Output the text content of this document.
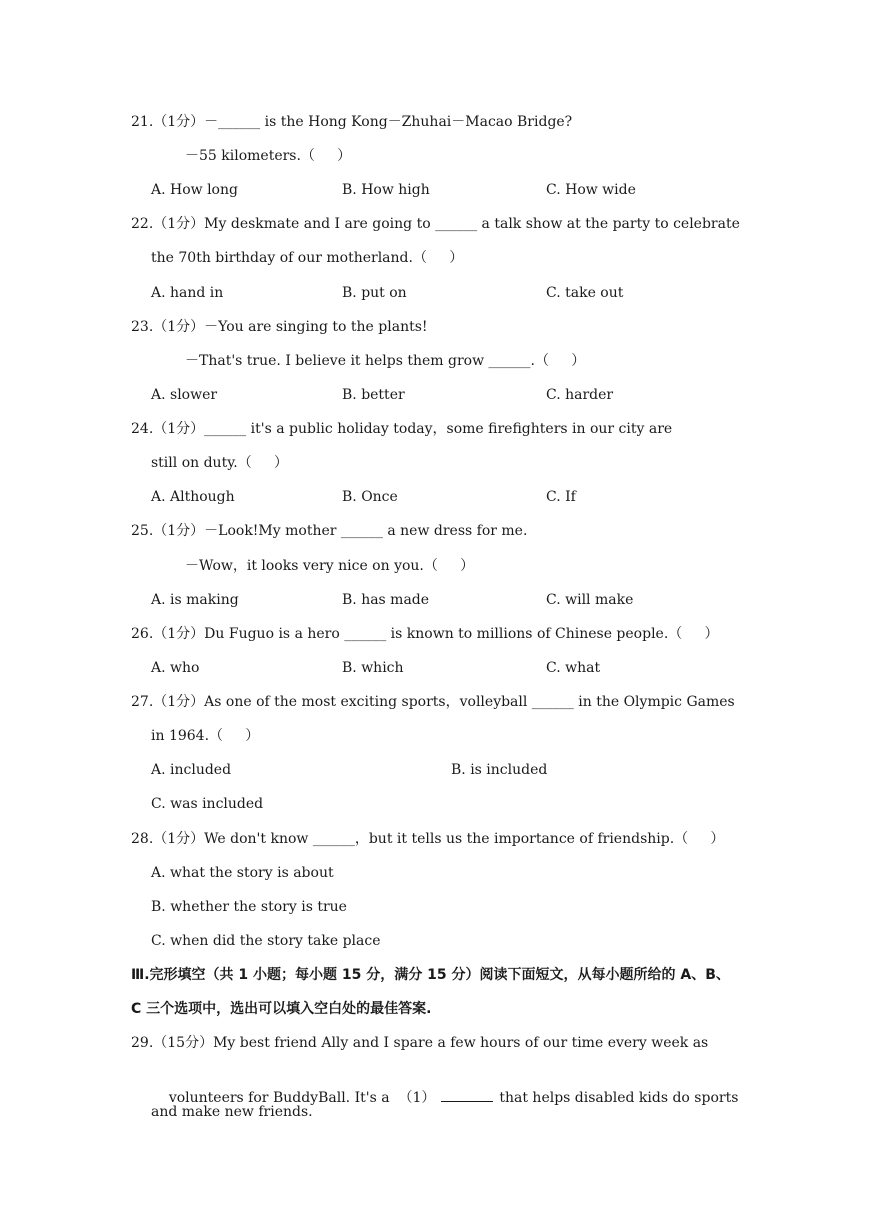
21.（1分）－______ is the Hong Kong－Zhuhai－Macao Bridge?
－55 kilometers.（     ）
A. How long	B. How high	C. How wide
22.（1分）My deskmate and I are going to ______ a talk show at the party to celebrate
the 70th birthday of our motherland.（     ）
A. hand in	B. put on	C. take out
23.（1分）－You are singing to the plants!
－That's true. I believe it helps them grow ______.（     ）
A. slower	B. better	C. harder
24.（1分）______ it's a public holiday today，some firefighters in our city are
still on duty.（     ）
A. Although	B. Once	C. If
25.（1分）－Look!My mother ______ a new dress for me.
－Wow，it looks very nice on you.（     ）
A. is making	B. has made	C. will make
26.（1分）Du Fuguo is a hero ______ is known to millions of Chinese people.（     ）
A. who	B. which	C. what
27.（1分）As one of the most exciting sports，volleyball ______ in the Olympic Games
in 1964.（     ）
A. included	B. is included
C. was included
28.（1分）We don't know ______，but it tells us the importance of friendship.（     ）
A. what the story is about
B. whether the story is true
C. when did the story take place
Ⅲ.完形填空（共 1 小题；每小题 15 分，满分 15 分）阅读下面短文，从每小题所给的 A、B、
C 三个选项中，选出可以填入空白处的最佳答案.
29.（15分）My best friend Ally and I spare a few hours of our time every week as

volunteers for BuddyBall. It's a  （1）	that helps disabled kids do sports

and make new friends.
